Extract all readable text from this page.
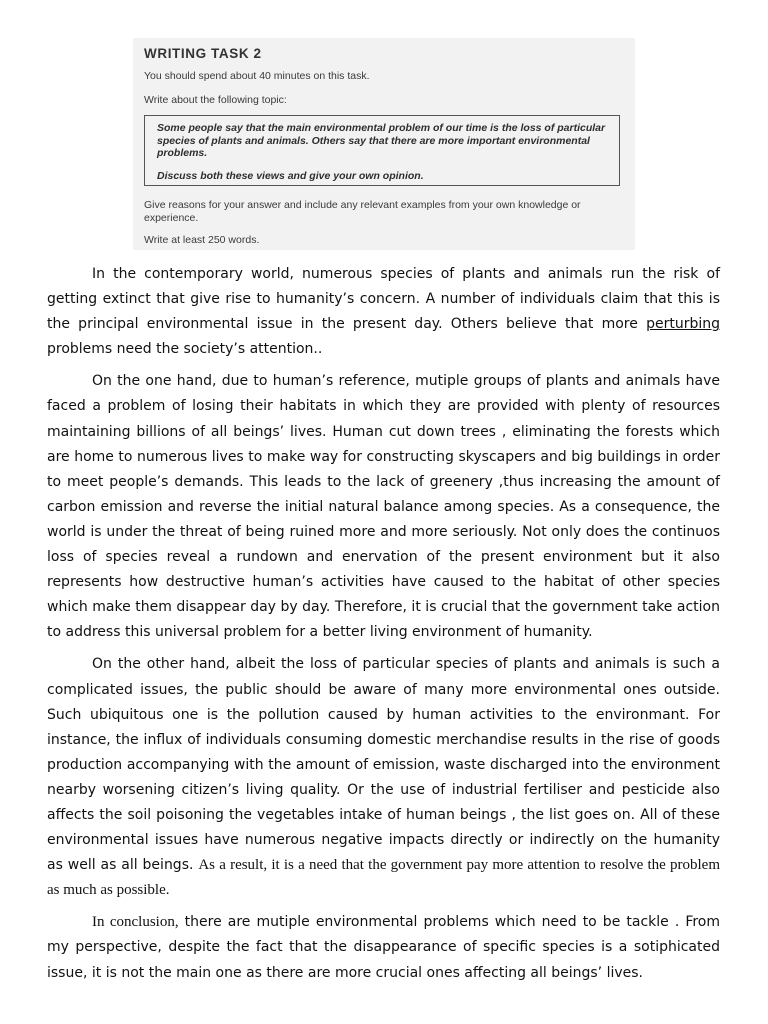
WRITING TASK 2
You should spend about 40 minutes on this task.
Write about the following topic:

Some people say that the main environmental problem of our time is the loss of particular species of plants and animals. Others say that there are more important environmental problems.

Discuss both these views and give your own opinion.

Give reasons for your answer and include any relevant examples from your own knowledge or experience.
Write at least 250 words.

In the contemporary world, numerous species of plants and animals run the risk of getting extinct that give rise to humanity’s concern. A number of individuals claim that this is the principal environmental issue in the present day. Others believe that more perturbing problems need the society’s attention..

On the one hand, due to human’s reference, mutiple groups of plants and animals have faced a problem of losing their habitats in which they are provided with plenty of resources maintaining billions of all beings’ lives. Human cut down trees , eliminating the forests which are home to numerous lives to make way for constructing skyscapers and big buildings in order to meet people’s demands. This leads to the lack of greenery ,thus increasing the amount of carbon emission and reverse the initial natural balance among species. As a consequence, the world is under the threat of being ruined more and more seriously. Not only does the continuos loss of species reveal a rundown and enervation of the present environment but it also represents how destructive human’s activities have caused to the habitat of other species which make them disappear day by day. Therefore, it is crucial that the government take action to address this universal problem for a better living environment of humanity.

On the other hand, albeit the loss of particular species of plants and animals is such a complicated issues, the public should be aware of many more environmental ones outside. Such ubiquitous one is the pollution caused by human activities to the environmant. For instance, the influx of individuals consuming domestic merchandise results in the rise of goods production accompanying with the amount of emission, waste discharged into the environment nearby worsening citizen’s living quality. Or the use of industrial fertiliser and pesticide also affects the soil poisoning the vegetables intake of human beings , the list goes on. All of these environmental issues have numerous negative impacts directly or indirectly on the humanity as well as all beings. As a result, it is a need that the government pay more attention to resolve the problem as much as possible.

In conclusion, there are mutiple environmental problems which need to be tackle . From my perspective, despite the fact that the disappearance of specific species is a sotiphicated issue, it is not the main one as there are more crucial ones affecting all beings’ lives.
